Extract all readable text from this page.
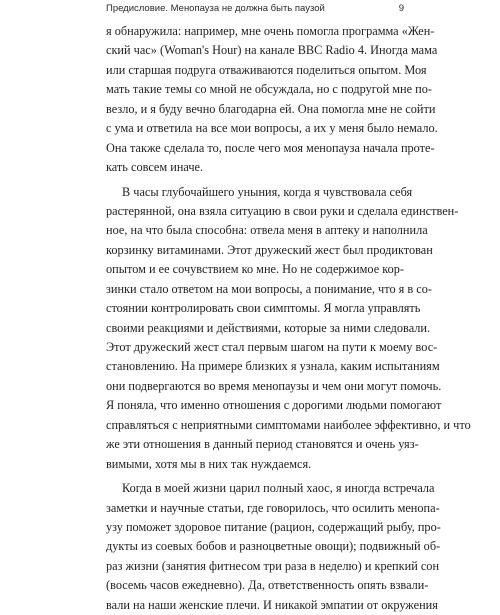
Предисловие. Менопауза не должна быть паузой	9
я обнаружила: например, мне очень помогла программа «Жен-
ский час» (Woman's Hour) на канале BBC Radio 4. Иногда мама
или старшая подруга отваживаются поделиться опытом. Моя
мать такие темы со мной не обсуждала, но с подругой мне по-
везло, и я буду вечно благодарна ей. Она помогла мне не сойти
с ума и ответила на все мои вопросы, а их у меня было немало.
Она также сделала то, после чего моя менопауза начала проте-
кать совсем иначе.
В часы глубочайшего уныния, когда я чувствовала себя
растерянной, она взяла ситуацию в свои руки и сделала единствен-
ное, на что была способна: отвела меня в аптеку и наполнила
корзинку витаминами. Этот дружеский жест был продиктован
опытом и ее сочувствием ко мне. Но не содержимое кор-
зинки стало ответом на мои вопросы, а понимание, что я в со-
стоянии контролировать свои симптомы. Я могла управлять
своими реакциями и действиями, которые за ними следовали.
Этот дружеский жест стал первым шагом на пути к моему вос-
становлению. На примере близких я узнала, каким испытаниям
они подвергаются во время менопаузы и чем они могут помочь.
Я поняла, что именно отношения с дорогими людьми помогают
справляться с неприятными симптомами наиболее эффективно, и что
же эти отношения в данный период становятся и очень уяз-
вимыми, хотя мы в них так нуждаемся.
Когда в моей жизни царил полный хаос, я иногда встречала
заметки и научные статьи, где говорилось, что осилить менопа-
узу поможет здоровое питание (рацион, содержащий рыбу, про-
дукты из соевых бобов и разноцветные овощи); подвижный об-
раз жизни (занятия фитнесом три раза в неделю) и крепкий сон
(восемь часов ежедневно). Да, ответственность опять взвали-
вали на наши женские плечи. И никакой эмпатии от окружения
